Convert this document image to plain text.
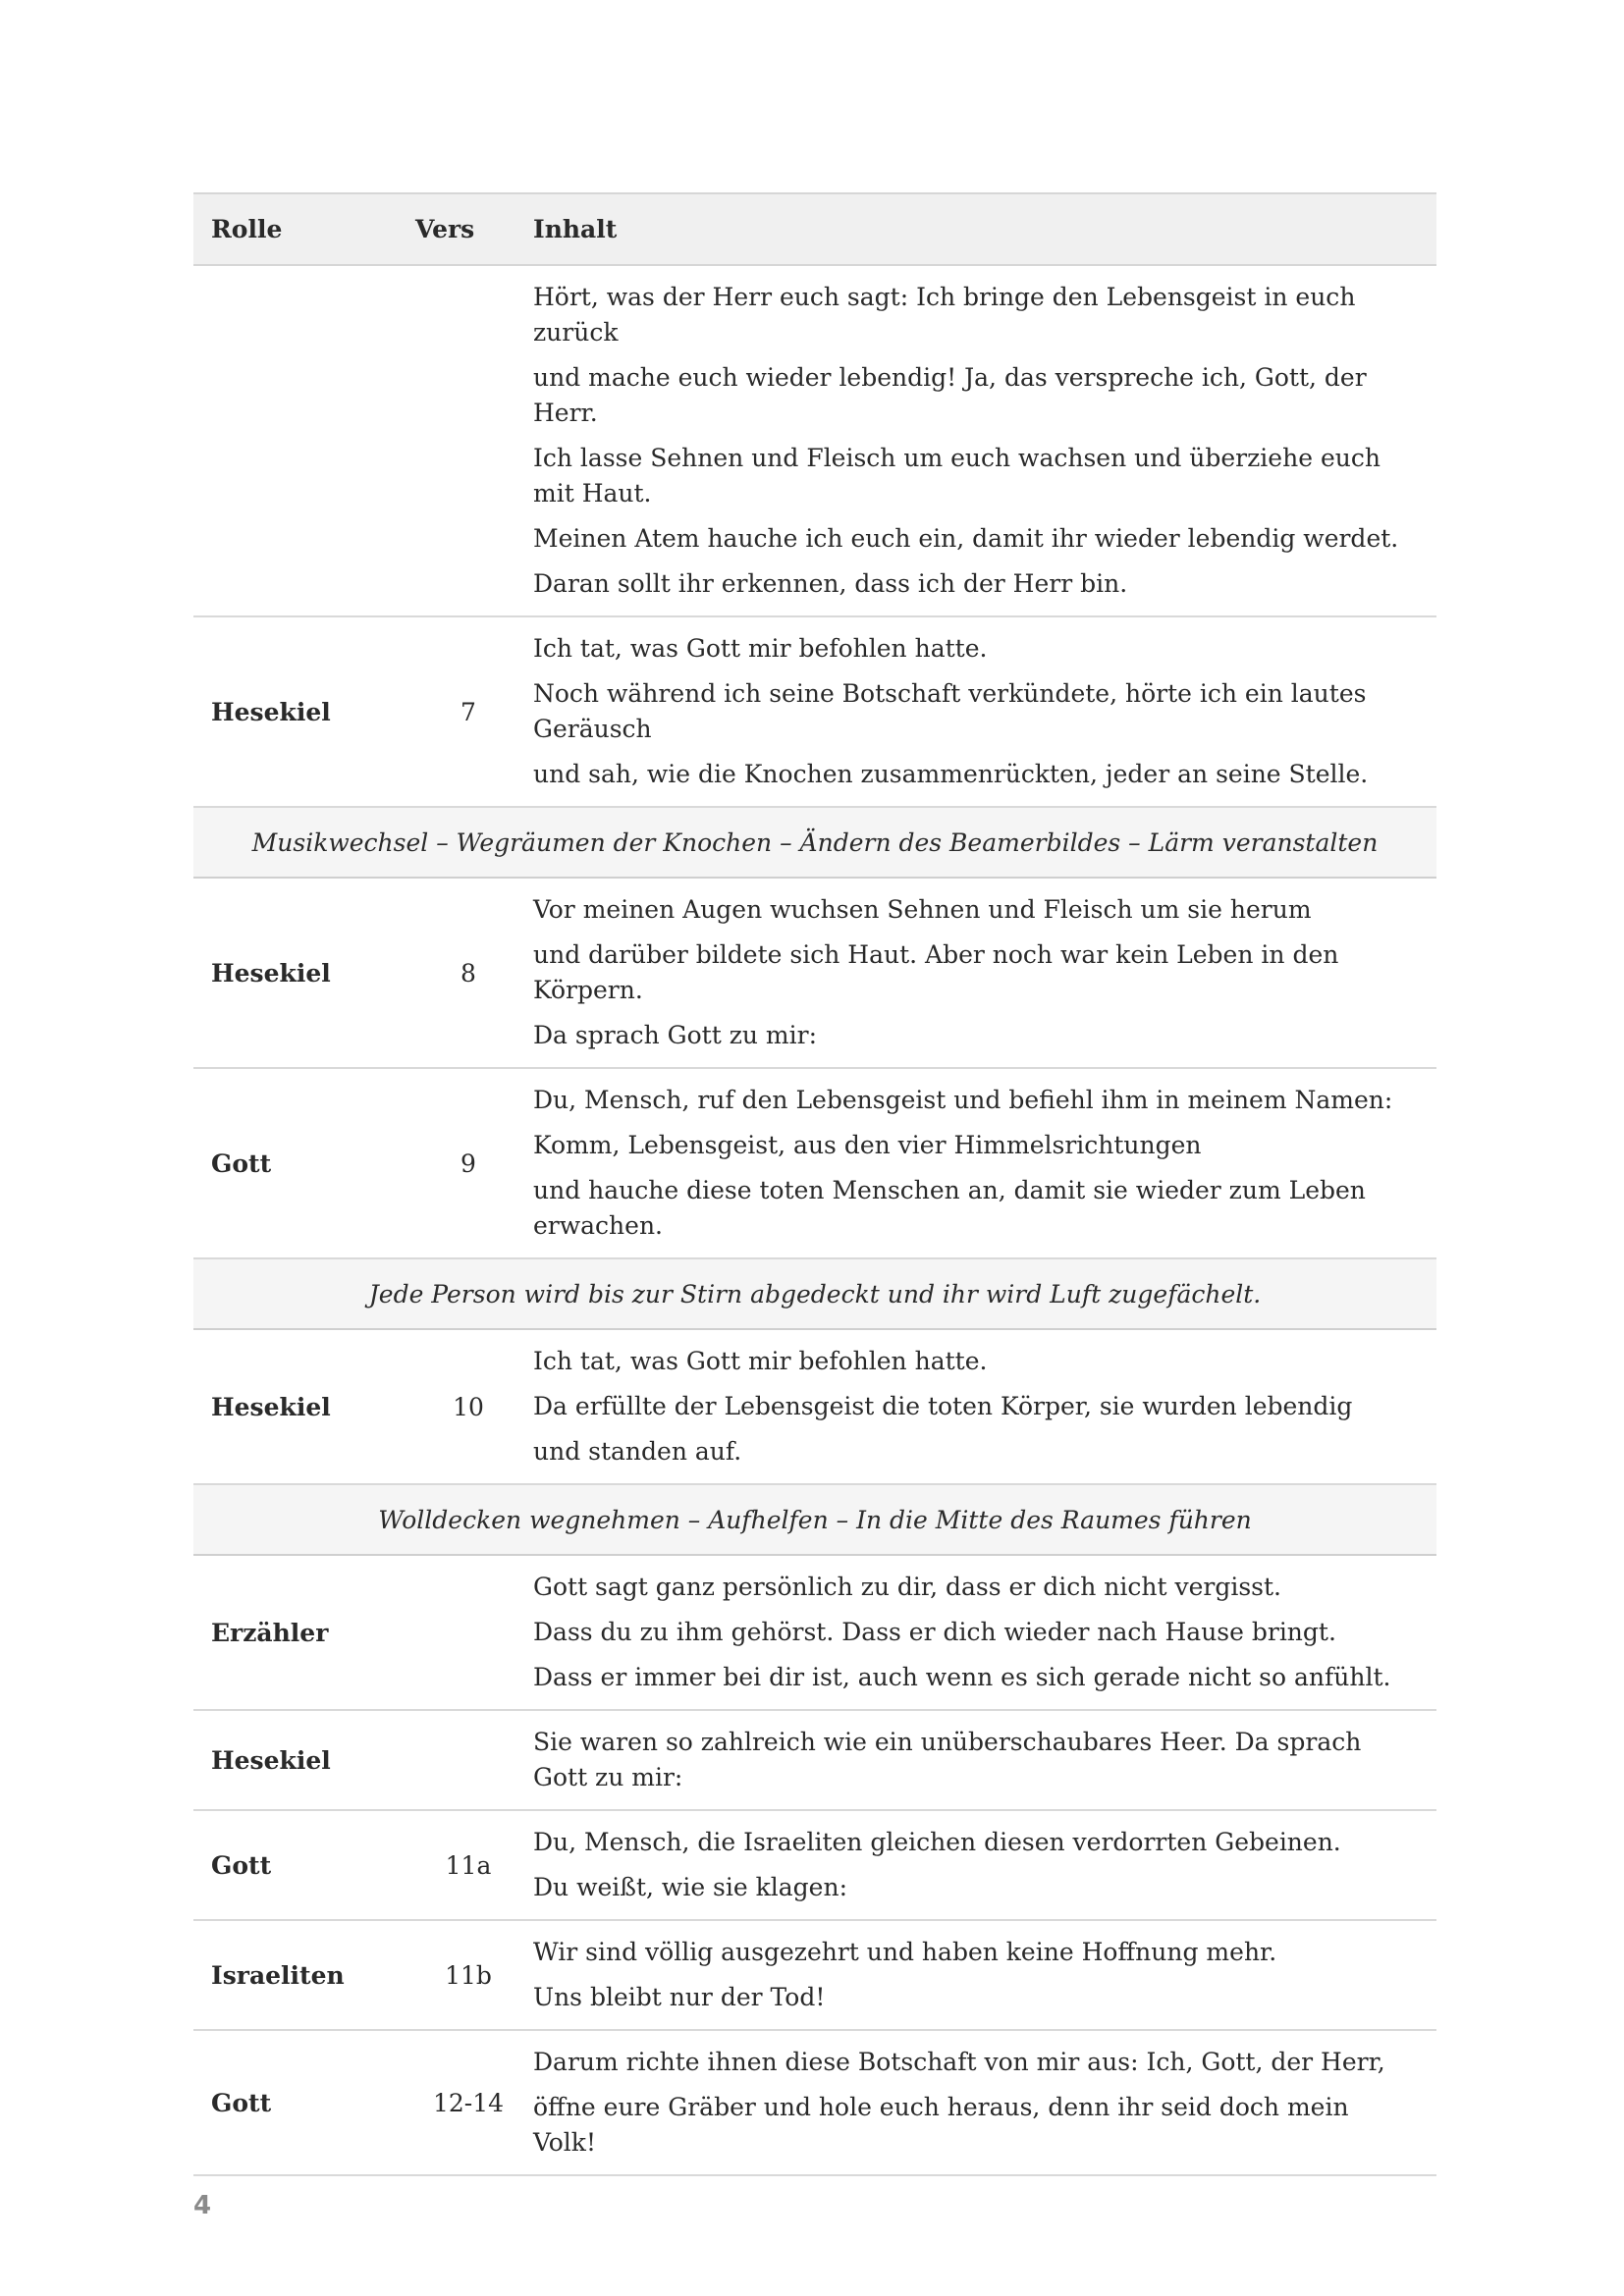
Rolle	Vers	Inhalt

		Hört, was der Herr euch sagt: Ich bringe den Lebensgeist in euch zurück

und mache euch wieder lebendig! Ja, das verspreche ich, Gott, der Herr.

Ich lasse Sehnen und Fleisch um euch wachsen und überziehe euch mit Haut.

Meinen Atem hauche ich euch ein, damit ihr wieder lebendig werdet.

Daran sollt ihr erkennen, dass ich der Herr bin.

Hesekiel	7	Ich tat, was Gott mir befohlen hatte.

Noch während ich seine Botschaft verkündete, hörte ich ein lautes Geräusch

und sah, wie die Knochen zusammenrückten, jeder an seine Stelle.

Musikwechsel – Wegräumen der Knochen – Ändern des Beamerbildes – Lärm veranstalten		
Hesekiel	8	Vor meinen Augen wuchsen Sehnen und Fleisch um sie herum

und darüber bildete sich Haut. Aber noch war kein Leben in den Körpern.

Da sprach Gott zu mir:

Gott	9	Du, Mensch, ruf den Lebensgeist und befiehl ihm in meinem Namen:

Komm, Lebensgeist, aus den vier Himmelsrichtungen

und hauche diese toten Menschen an, damit sie wieder zum Leben erwachen.

Jede Person wird bis zur Stirn abgedeckt und ihr wird Luft zugefächelt.		
Hesekiel	10	Ich tat, was Gott mir befohlen hatte.

Da erfüllte der Lebensgeist die toten Körper, sie wurden lebendig

und standen auf.

Wolldecken wegnehmen – Aufhelfen – In die Mitte des Raumes führen		
Erzähler		Gott sagt ganz persönlich zu dir, dass er dich nicht vergisst.

Dass du zu ihm gehörst. Dass er dich wieder nach Hause bringt.

Dass er immer bei dir ist, auch wenn es sich gerade nicht so anfühlt.

Hesekiel		Sie waren so zahlreich wie ein unüberschaubares Heer. Da sprach Gott zu mir:

Gott	11a	Du, Mensch, die Israeliten gleichen diesen verdorrten Gebeinen.

Du weißt, wie sie klagen:

Israeliten	11b	Wir sind völlig ausgezehrt und haben keine Hoffnung mehr.

Uns bleibt nur der Tod!

Gott	12-14	Darum richte ihnen diese Botschaft von mir aus: Ich, Gott, der Herr,

öffne eure Gräber und hole euch heraus, denn ihr seid doch mein Volk!

4
